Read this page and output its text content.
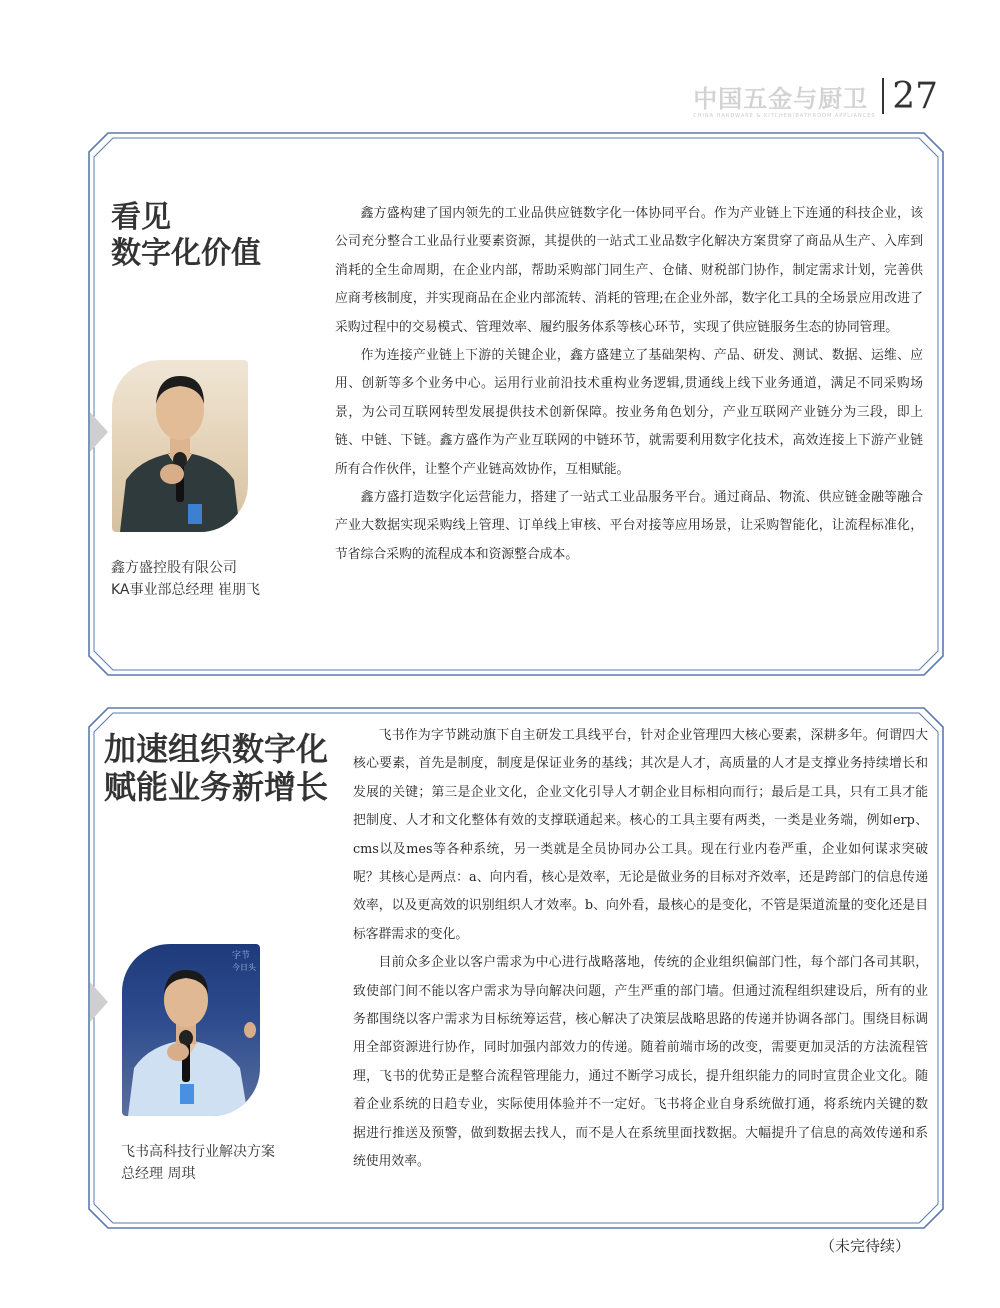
中国五金与厨卫
CHINA HARDWARE & KITCHEN/BATHROOM APPLIANCES 27
看见
数字化价值
鑫方盛控股有限公司
KA事业部总经理 崔朋飞

鑫方盛构建了国内领先的工业品供应链数字化一体协同平台。作为产业链上下连通的科技企业，该公司充分整合工业品行业要素资源，其提供的一站式工业品数字化解决方案贯穿了商品从生产、入库到消耗的全生命周期，在企业内部，帮助采购部门同生产、仓储、财税部门协作，制定需求计划，完善供应商考核制度，并实现商品在企业内部流转、消耗的管理;在企业外部，数字化工具的全场景应用改进了采购过程中的交易模式、管理效率、履约服务体系等核心环节，实现了供应链服务生态的协同管理。

作为连接产业链上下游的关键企业，鑫方盛建立了基础架构、产品、研发、测试、数据、运维、应用、创新等多个业务中心。运用行业前沿技术重构业务逻辑,贯通线上线下业务通道，满足不同采购场景，为公司互联网转型发展提供技术创新保障。按业务角色划分，产业互联网产业链分为三段，即上链、中链、下链。鑫方盛作为产业互联网的中链环节，就需要利用数字化技术，高效连接上下游产业链所有合作伙伴，让整个产业链高效协作，互相赋能。

鑫方盛打造数字化运营能力，搭建了一站式工业品服务平台。通过商品、物流、供应链金融等融合产业大数据实现采购线上管理、订单线上审核、平台对接等应用场景，让采购智能化，让流程标准化，节省综合采购的流程成本和资源整合成本。

加速组织数字化
赋能业务新增长
字节
今日头
飞书高科技行业解决方案
总经理 周琪

飞书作为字节跳动旗下自主研发工具线平台，针对企业管理四大核心要素，深耕多年。何谓四大核心要素，首先是制度，制度是保证业务的基线；其次是人才，高质量的人才是支撑业务持续增长和发展的关键；第三是企业文化，企业文化引导人才朝企业目标相向而行；最后是工具，只有工具才能把制度、人才和文化整体有效的支撑联通起来。核心的工具主要有两类，一类是业务端，例如erp、cms以及mes等各种系统，另一类就是全员协同办公工具。现在行业内卷严重，企业如何谋求突破呢？其核心是两点：a、向内看，核心是效率，无论是做业务的目标对齐效率，还是跨部门的信息传递效率，以及更高效的识别组织人才效率。b、向外看，最核心的是变化，不管是渠道流量的变化还是目标客群需求的变化。

目前众多企业以客户需求为中心进行战略落地，传统的企业组织偏部门性，每个部门各司其职，致使部门间不能以客户需求为导向解决问题，产生严重的部门墙。但通过流程组织建设后，所有的业务都围绕以客户需求为目标统筹运营，核心解决了决策层战略思路的传递并协调各部门。围绕目标调用全部资源进行协作，同时加强内部效力的传递。随着前端市场的改变，需要更加灵活的方法流程管理，飞书的优势正是整合流程管理能力，通过不断学习成长，提升组织能力的同时宣贯企业文化。随着企业系统的日趋专业，实际使用体验并不一定好。飞书将企业自身系统做打通，将系统内关键的数据进行推送及预警，做到数据去找人，而不是人在系统里面找数据。大幅提升了信息的高效传递和系统使用效率。

（未完待续）
